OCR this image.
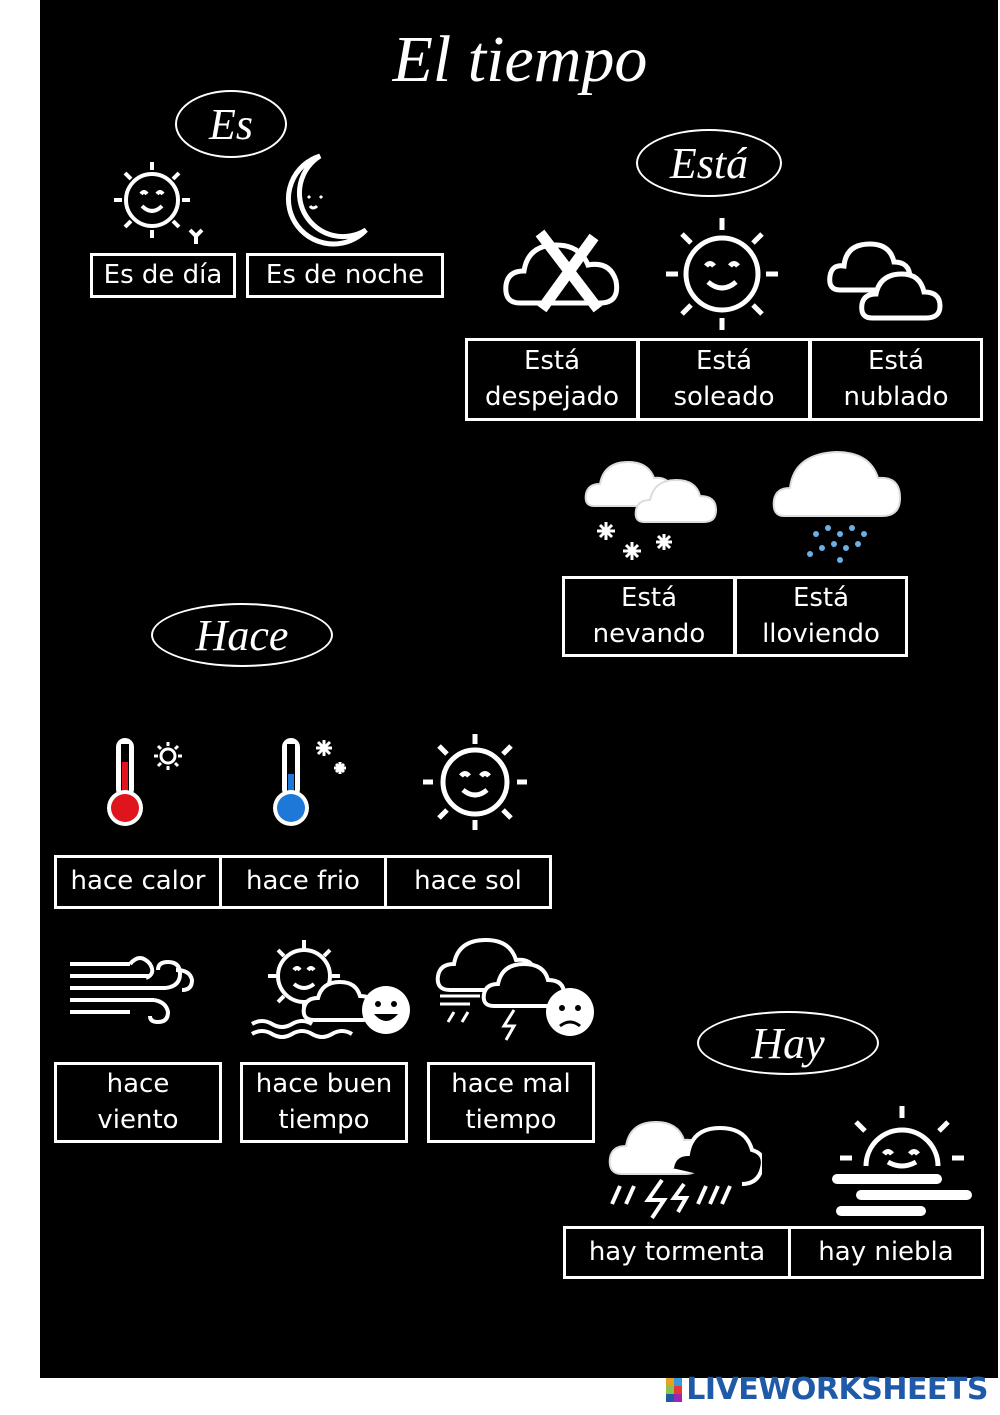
El tiempo
Es
Es de día Es de noche
Está
Está
despejado
Está
soleado
Está
nublado
Está
nevando
Está
lloviendo
Hace
hace calor hace frio hace sol
hace
viento
hace buen
tiempo
hace mal
tiempo
Hay
hay tormenta hay niebla
LIVEWORKSHEETS
